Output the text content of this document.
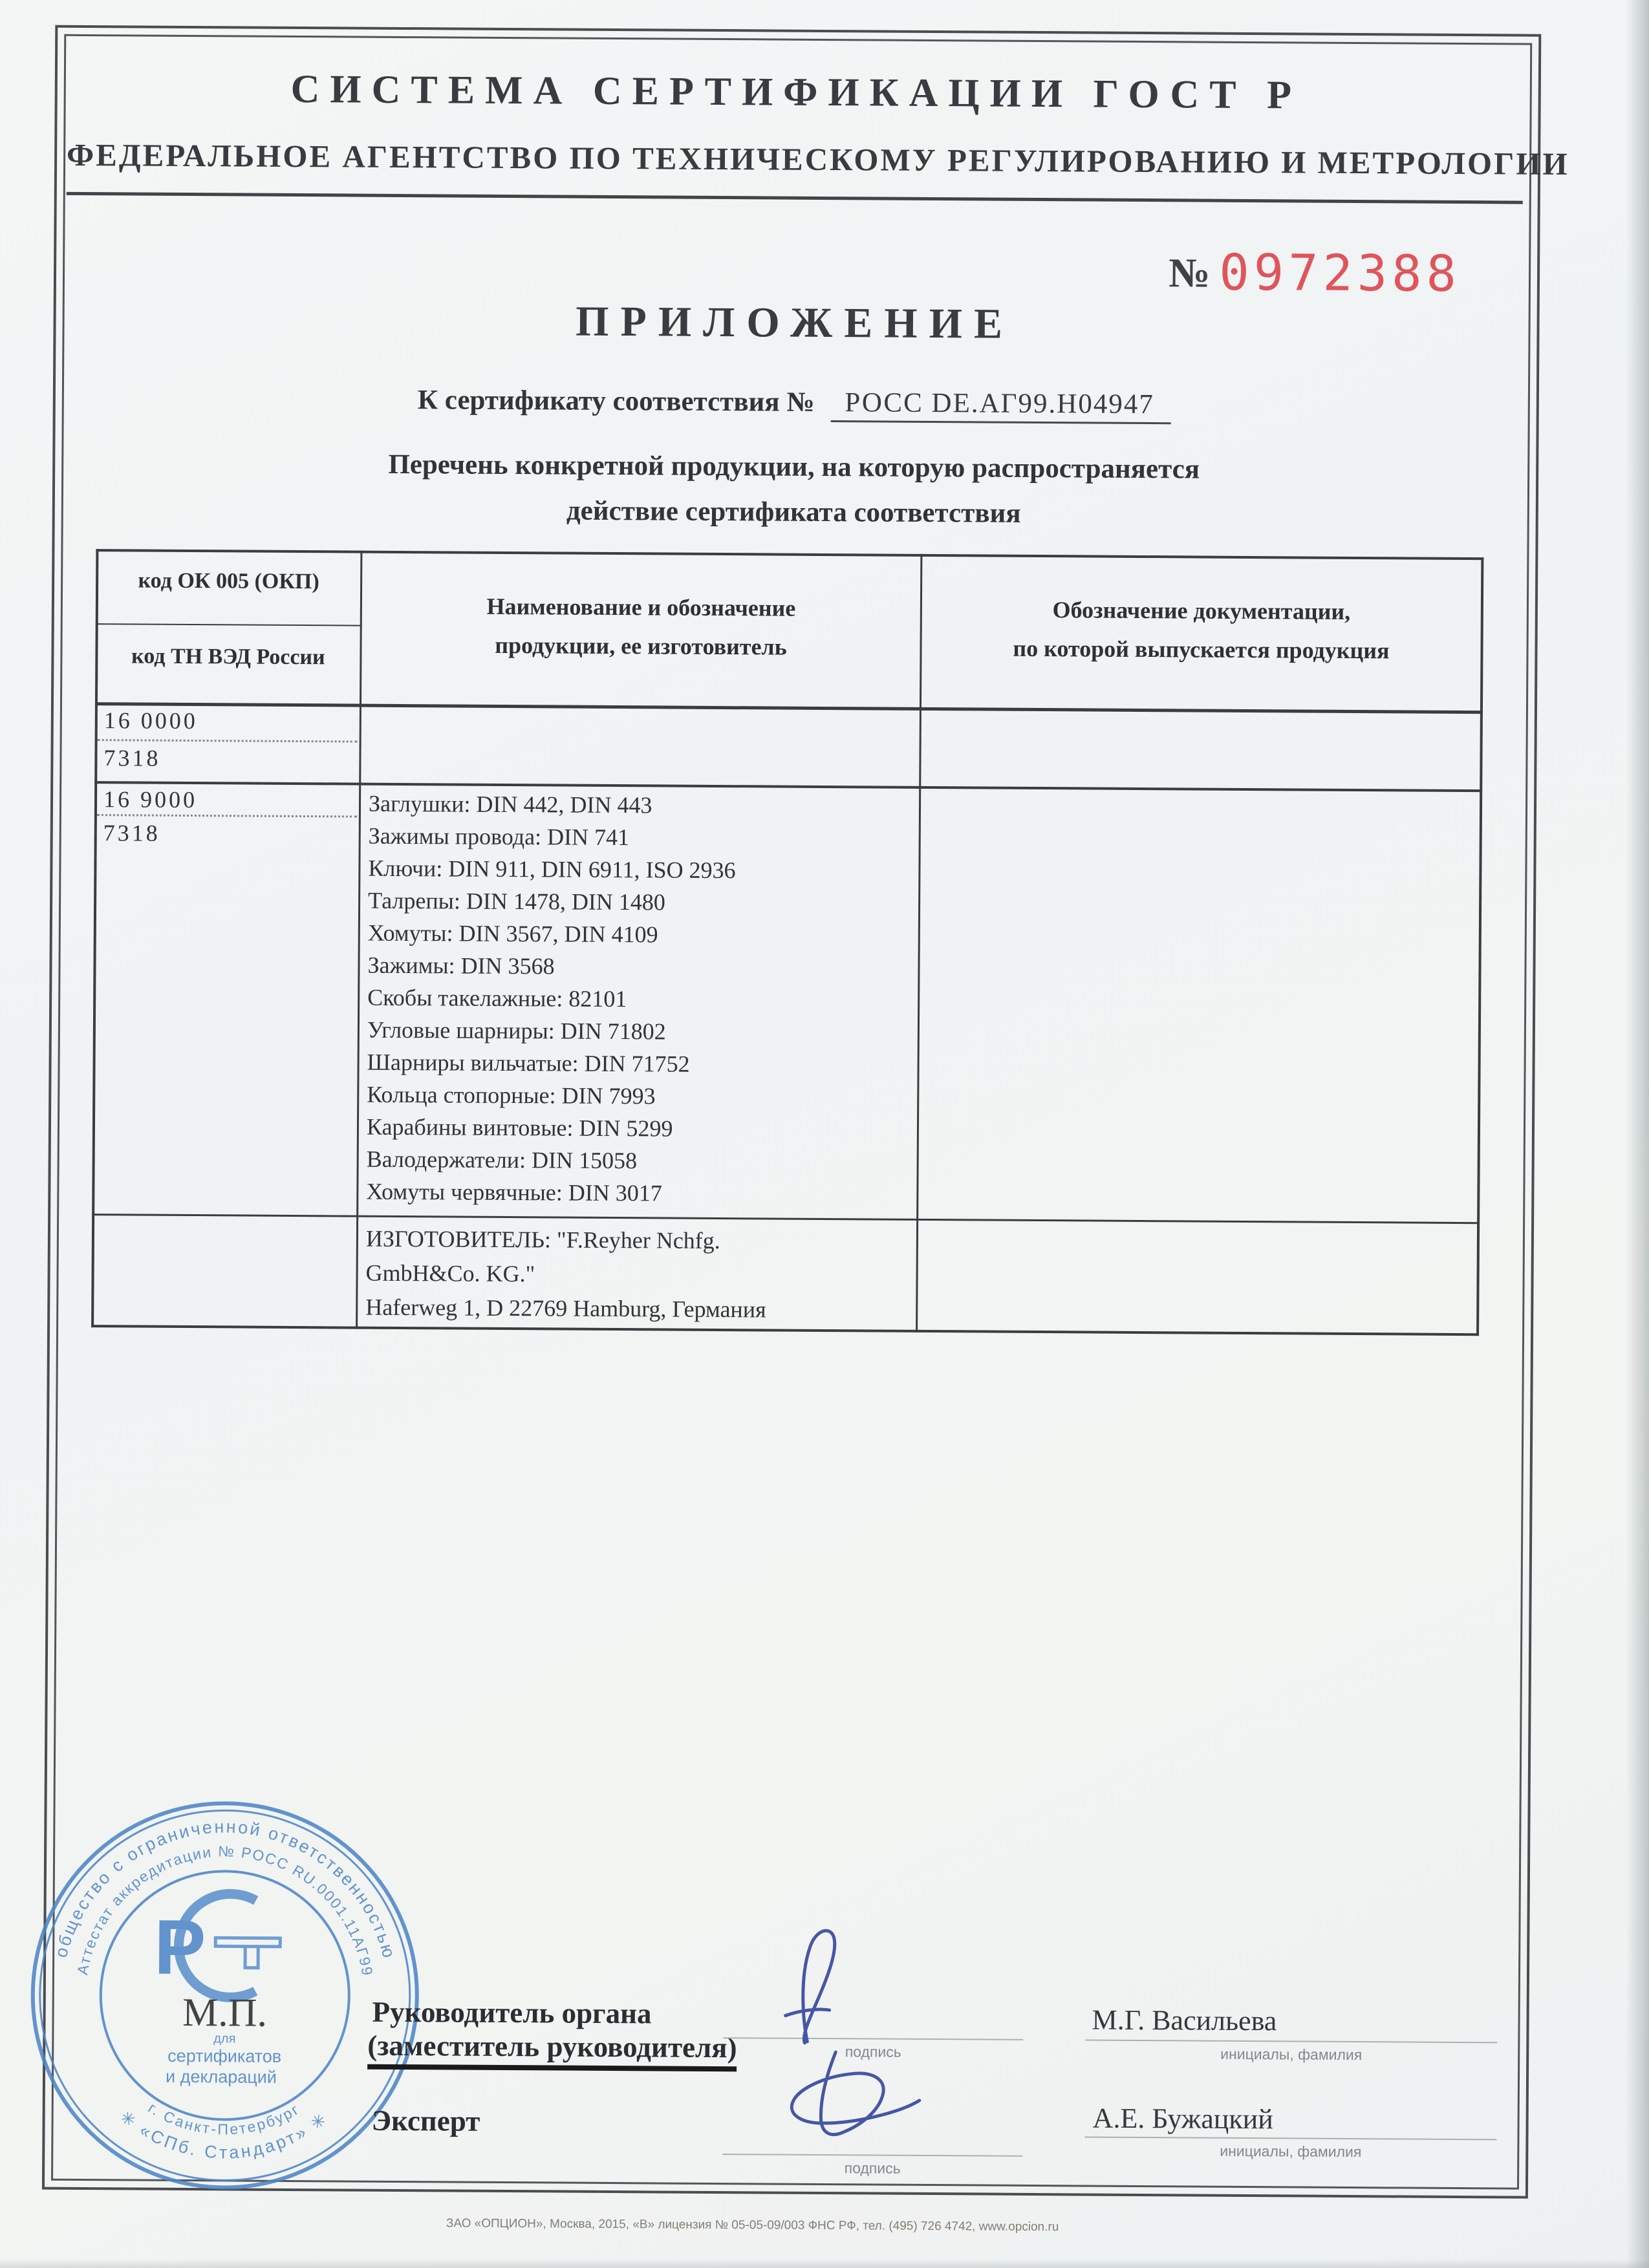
СИСТЕМА СЕРТИФИКАЦИИ ГОСТ Р
ФЕДЕРАЛЬНОЕ АГЕНТСТВО ПО ТЕХНИЧЕСКОМУ РЕГУЛИРОВАНИЮ И МЕТРОЛОГИИ
№ 0972388
ПРИЛОЖЕНИЕ
К сертификату соответствия № РОСС DE.АГ99.Н04947
Перечень конкретной продукции, на которую распространяется
действие сертификата соответствия
код ОК 005 (ОКП)
код ТН ВЭД России
Наименование и обозначение
продукции, ее изготовитель
Обозначение документации,
по которой выпускается продукция
16 0000
7318
16 9000
7318
Заглушки: DIN 442, DIN 443
Зажимы провода: DIN 741
Ключи: DIN 911, DIN 6911, ISO 2936
Талрепы: DIN 1478, DIN 1480
Хомуты: DIN 3567, DIN 4109
Зажимы: DIN 3568
Скобы такелажные: 82101
Угловые шарниры: DIN 71802
Шарниры вильчатые: DIN 71752
Кольца стопорные: DIN 7993
Карабины винтовые: DIN 5299
Валодержатели: DIN 15058
Хомуты червячные: DIN 3017
ИЗГОТОВИТЕЛЬ: "F.Reyher Nchfg.
GmbH&Co. KG."
Haferweg 1, D 22769 Hamburg, Германия
общество с ограниченной ответственностью
✳ «СПб. Стандарт» ✳
Аттестат аккредитации № РОСС RU.0001.11АГ99
г. Санкт-Петербург
Р
М.П.
для
сертификатов
и деклараций
Руководитель органа
(заместитель руководителя)
Эксперт
подпись	инициалы, фамилия
М.Г. Васильева
подпись
инициалы, фамилия
А.Е. Бужацкий
ЗАО «ОПЦИОН», Москва, 2015, «В» лицензия № 05-05-09/003 ФНС РФ, тел. (495) 726 4742, www.opcion.ru
